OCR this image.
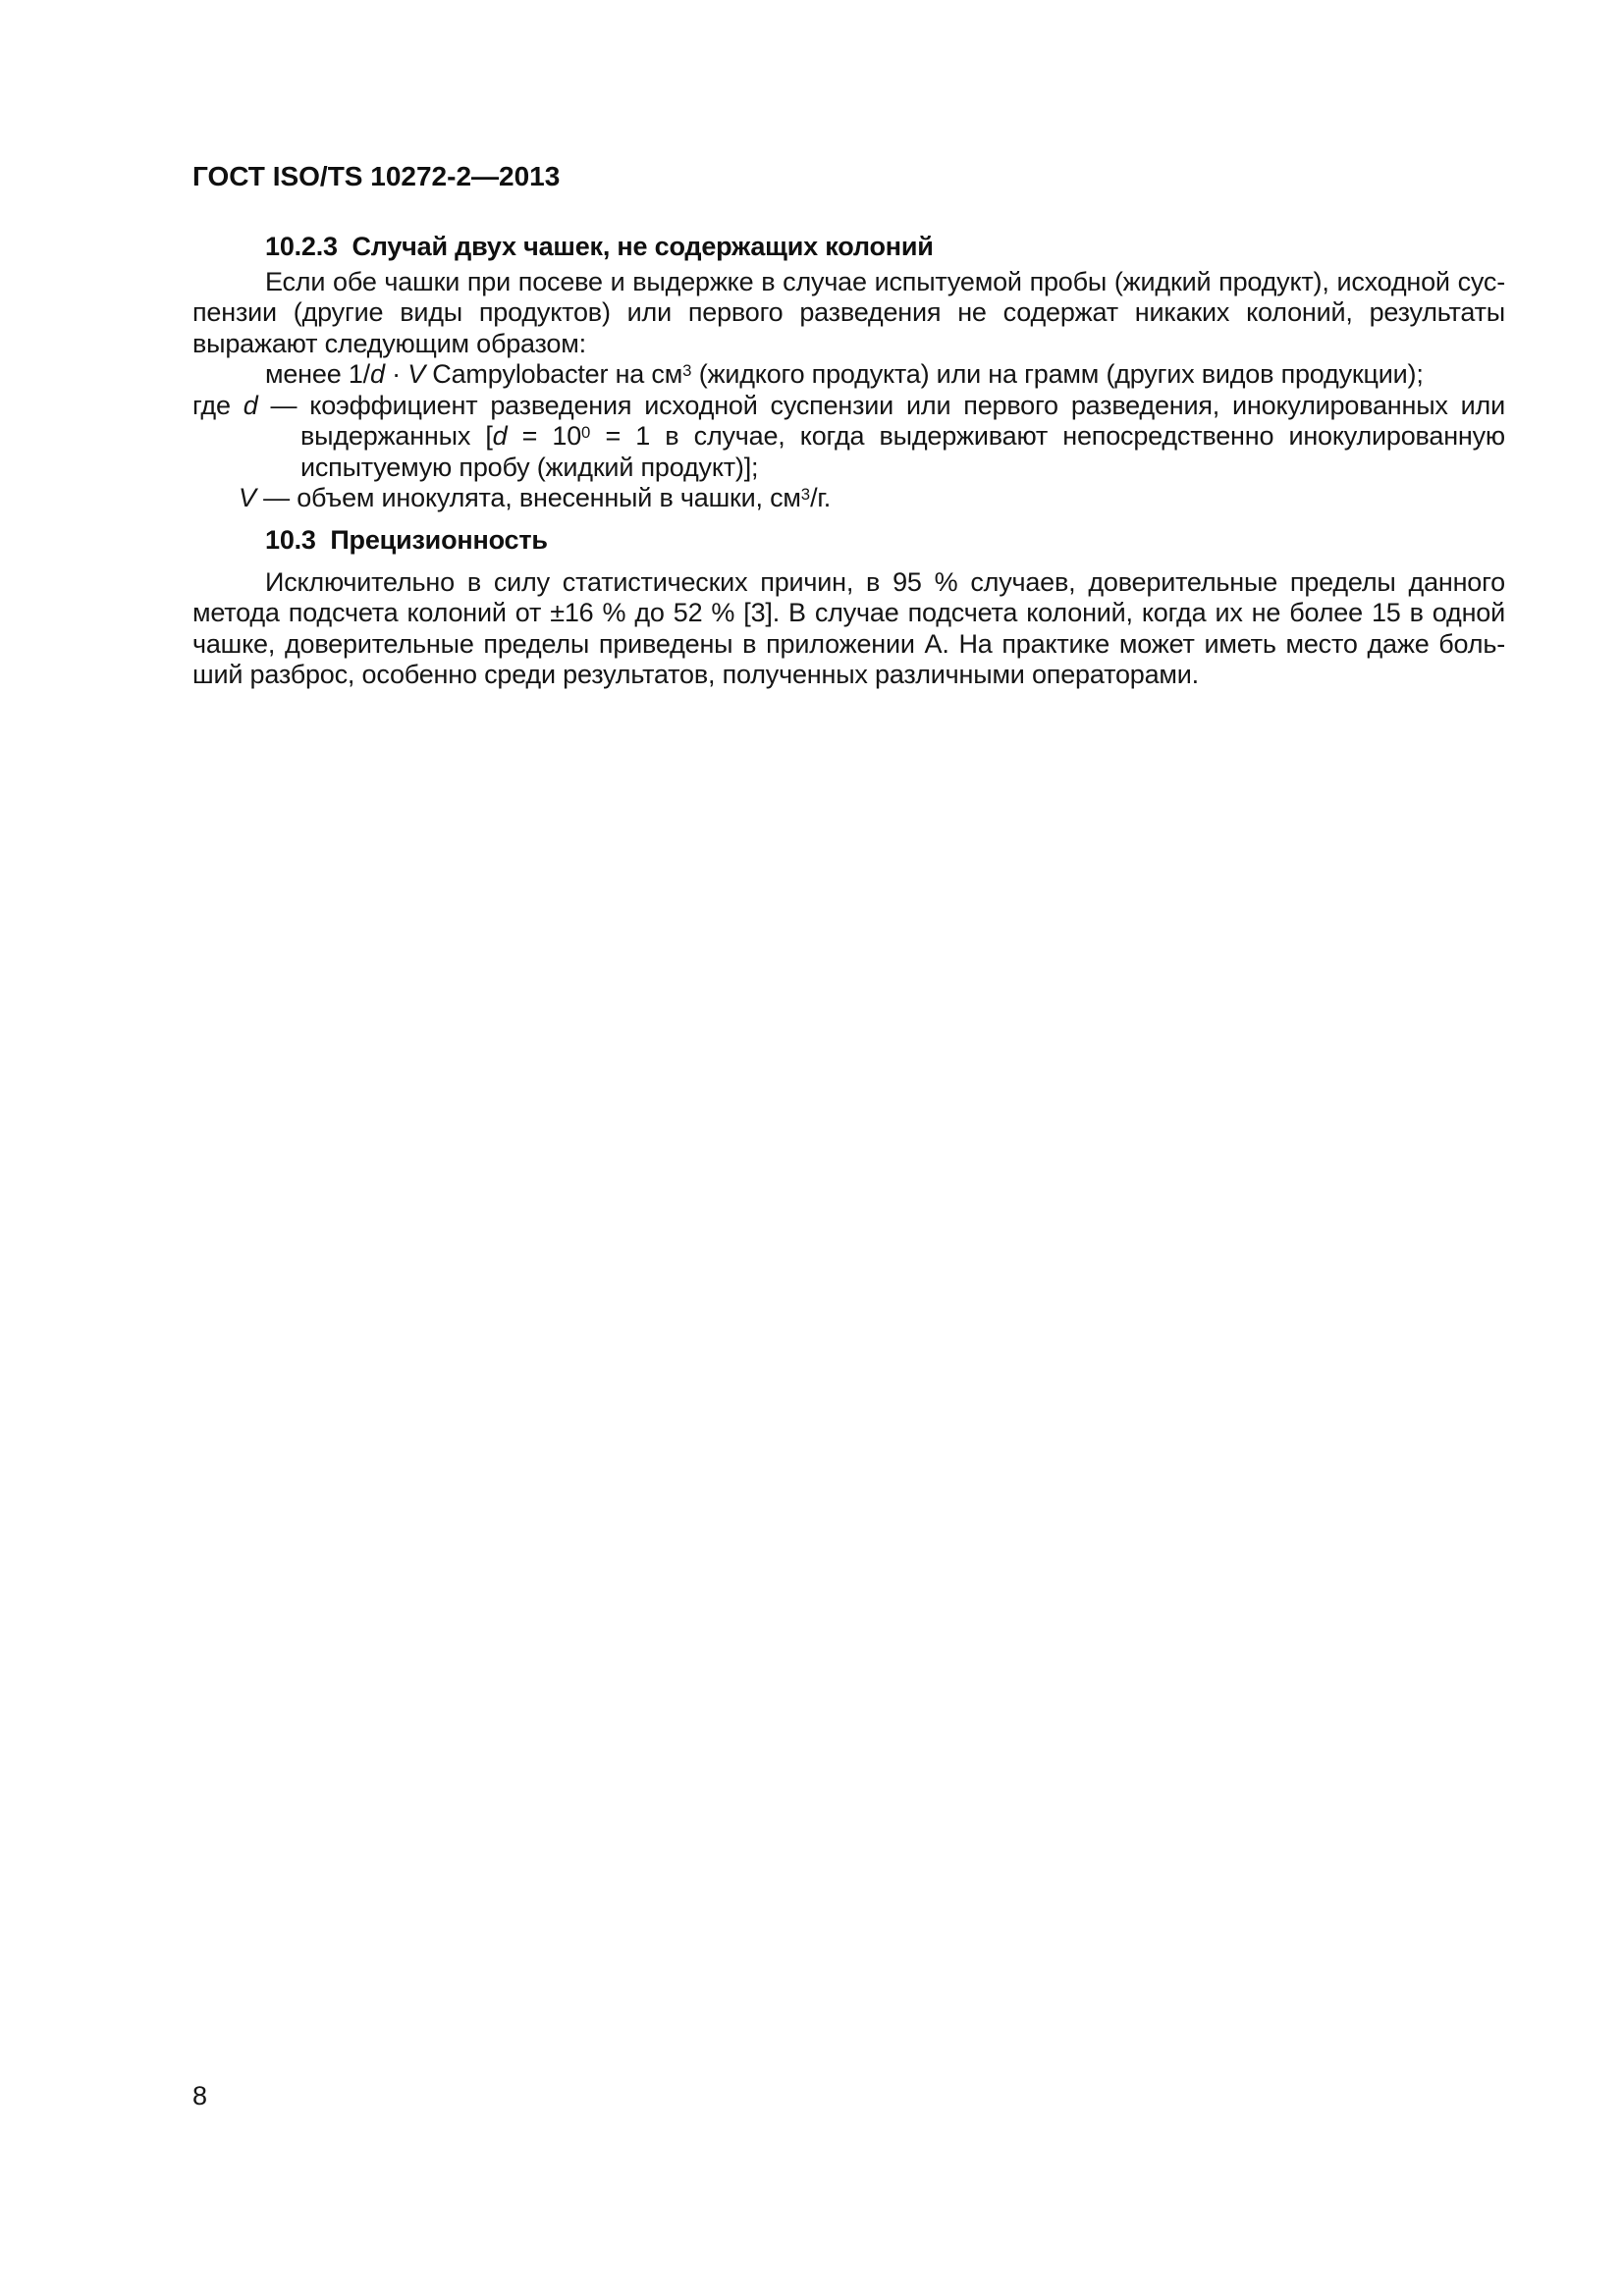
ГОСТ ISO/TS 10272-2—2013
10.2.3  Случай двух чашек, не содержащих колоний
Если обе чашки при посеве и выдержке в случае испытуемой пробы (жидкий продукт), исходной сус-
пензии (другие виды продуктов) или первого разведения не содержат никаких колоний, результаты
выражают следующим образом:
менее 1/d · V Campylobacter на $см^3$ (жидкого продукта) или на грамм (других видов продукции);
где d — коэффициент разведения исходной суспензии или первого разведения, инокулированных или
выдержанных [$d = 10^0 = 1$ в случае, когда выдерживают непосредственно инокулированную
испытуемую пробу (жидкий продукт)];
V — объем инокулята, внесенный в чашки, $см^3/г$.
10.3  Прецизионность
Исключительно в силу статистических причин, в 95 % случаев, доверительные пределы данного
метода подсчета колоний от ±16 % до 52 % [3]. В случае подсчета колоний, когда их не более 15 в одной
чашке, доверительные пределы приведены в приложении А. На практике может иметь место даже боль-
ший разброс, особенно среди результатов, полученных различными операторами.
8
